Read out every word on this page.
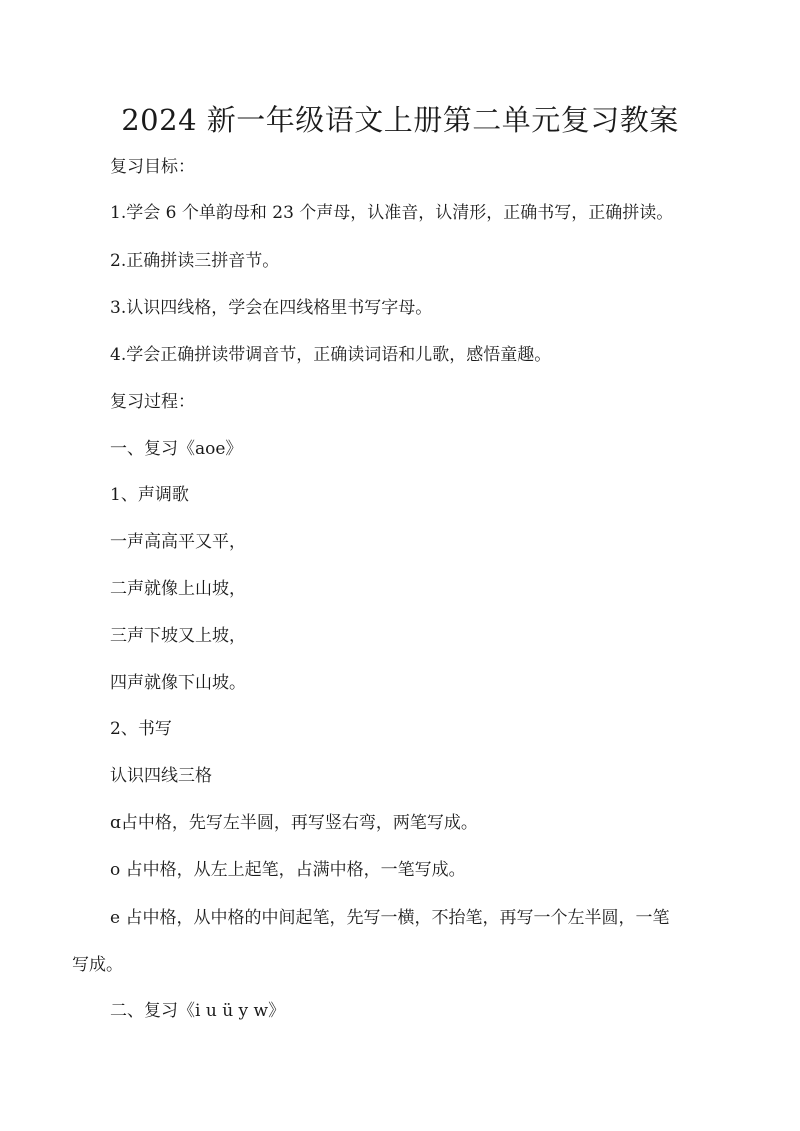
2024 新一年级语文上册第二单元复习教案
复习目标：
1.学会 6 个单韵母和 23 个声母，认准音，认清形，正确书写，正确拼读。
2.正确拼读三拼音节。
3.认识四线格，学会在四线格里书写字母。
4.学会正确拼读带调音节，正确读词语和儿歌，感悟童趣。
复习过程：
一、复习《aoe》
1、声调歌
一声高高平又平，
二声就像上山坡，
三声下坡又上坡，
四声就像下山坡。
2、书写
认识四线三格
ɑ占中格，先写左半圆，再写竖右弯，两笔写成。
o 占中格，从左上起笔，占满中格，一笔写成。
e 占中格，从中格的中间起笔，先写一横，不抬笔，再写一个左半圆，一笔
写成。
二、复习《i u ü y w》
